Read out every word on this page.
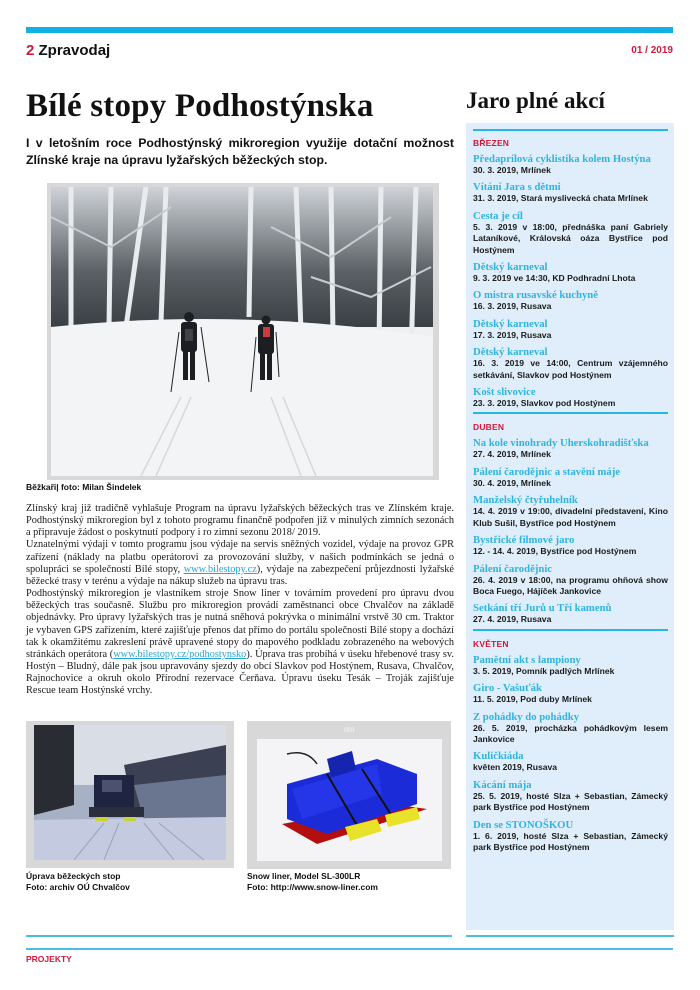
2 Zpravodaj	01 / 2019
Bílé stopy Podhostýnska

I v letošním roce Podhostýnský mikroregion využije dotační možnost Zlínské kraje na úpravu lyžařských běžeckých stop.

Běžkaři| foto: Milan Šindelek

Zlínský kraj již tradičně vyhlašuje Program na úpravu lyžařských běžeckých tras ve Zlínském kraje. Podhostýnský mikroregion byl z tohoto programu finančně podpořen již v minulých zimních sezonách a připravuje žádost o poskytnutí podpory i ro zimní sezonu 2018/ 2019.

Uznatelnými výdaji v tomto programu jsou výdaje na servis sněžných vozidel, výdaje na provoz GPR zařízení (náklady na platbu operátorovi za provozování služby, v našich podmínkách se jedná o spolupráci se společností Bílé stopy, www.bilestopy.cz), výdaje na zabezpečení průjezdnosti lyžařské běžecké trasy v terénu a výdaje na nákup služeb na úpravu tras.

Podhostýnský mikroregion je vlastníkem stroje Snow liner v továrním provedení pro úpravu dvou běžeckých tras současně. Službu pro mikroregion provádí zaměstnanci obce Chvalčov na základě objednávky. Pro úpravy lyžařských tras je nutná sněhová pokrývka o minimální vrstvě 30 cm. Traktor je vybaven GPS zařízením, které zajišťuje přenos dat přímo do portálu společnosti Bílé stopy a dochází tak k okamžitému zakreslení právě upravené stopy do mapového podkladu zobrazeného na webových stránkách operátora (www.bilestopy.cz/podhostynsko). Úprava tras probíhá v úseku hřebenové trasy sv. Hostýn – Bludný, dále pak jsou upravovány sjezdy do obcí Slavkov pod Hostýnem, Rusava, Chvalčov, Rajnochovice a okruh okolo Přírodní rezervace Čerňava. Úpravu úseku Tesák – Troják zajišťuje Rescue team Hostýnské vrchy.

Úprava běžeckých stop
Foto: archiv OÚ Chvalčov
oto
Snow liner, Model SL-300LR
Foto: http://www.snow-liner.com
Jaro plné akcí
BŘEZEN
Předaprílová cyklistika kolem Hostýna
30. 3. 2019, Mrlínek
Vítání Jara s dětmi
31. 3. 2019, Stará myslivecká chata Mrlínek
Cesta je cíl
5. 3. 2019 v 18:00, přednáška paní Gabriely Lataníkové, Královská oáza Bystřice pod Hostýnem
Dětský karneval
9. 3. 2019 ve 14:30, KD Podhradní Lhota
O mistra rusavské kuchyně
16. 3. 2019, Rusava
Dětský karneval
17. 3. 2019, Rusava
Dětský karneval
16. 3. 2019 ve 14:00, Centrum vzájemného setkávání, Slavkov pod Hostýnem
Košt slivovice
23. 3. 2019, Slavkov pod Hostýnem
DUBEN
Na kole vinohrady Uherskohradišťska
27. 4. 2019, Mrlínek
Pálení čarodějnic a stavění máje
30. 4. 2019, Mrlínek
Manželský čtyřuhelník
14. 4. 2019 v 19:00, divadelní představení, Kino Klub Sušil, Bystřice pod Hostýnem
Bystřické filmové jaro
12. - 14. 4. 2019, Bystřice pod Hostýnem
Pálení čarodějnic
26. 4. 2019 v 18:00, na programu ohňová show Boca Fuego, Hájíček Jankovice
Setkání tří Jurů u Tří kamenů
27. 4. 2019, Rusava
KVĚTEN
Pamětní akt s lampiony
3. 5. 2019, Pomník padlých Mrlínek
Giro - Vašuťák
11. 5. 2019, Pod duby Mrlínek
Z pohádky do pohádky
26. 5. 2019, procházka pohádkovým lesem Jankovice
Kuličkiáda
květen 2019, Rusava
Kácání mája
25. 5. 2019, hosté Slza + Sebastian, Zámecký park Bystřice pod Hostýnem
Den se STONOŠKOU
1. 6. 2019, hosté Slza + Sebastian, Zámecký park Bystřice pod Hostýnem
PROJEKTY
